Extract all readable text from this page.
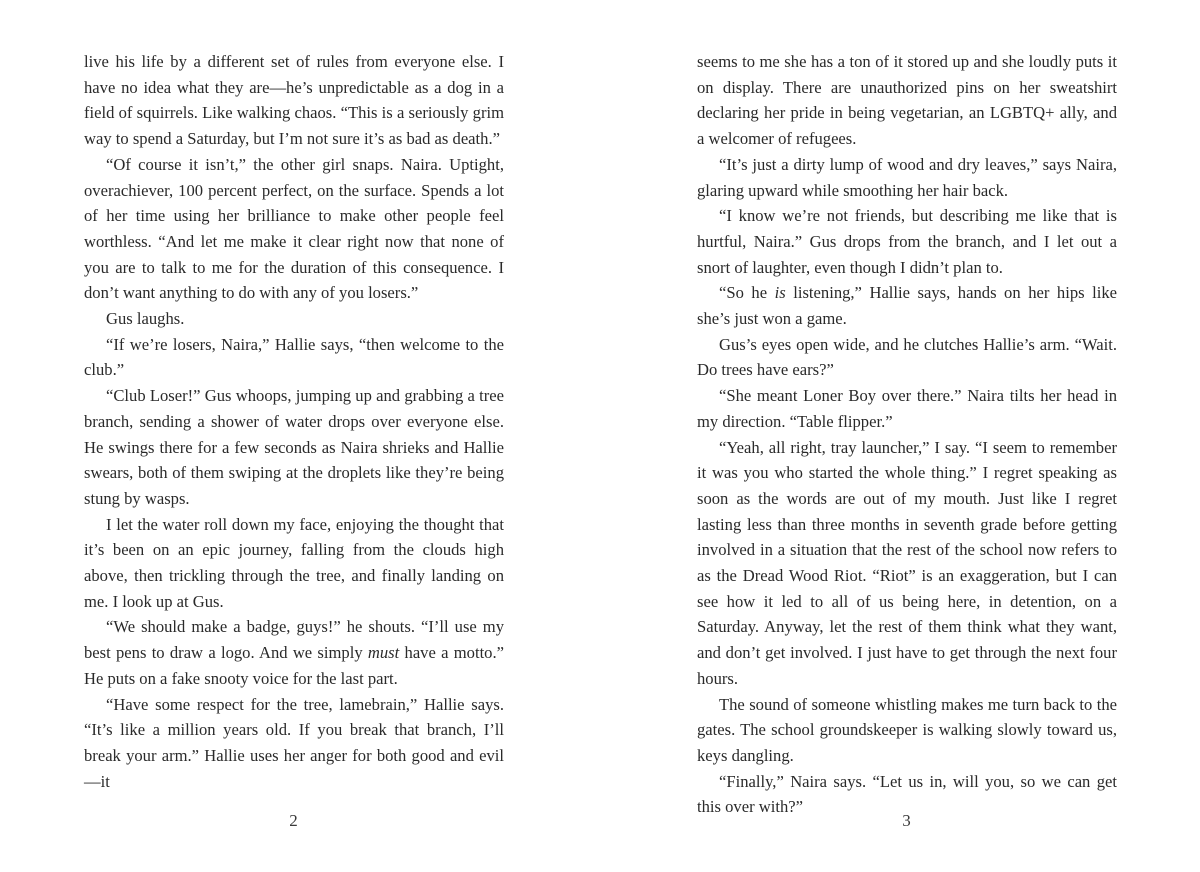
live his life by a different set of rules from everyone else. I have no idea what they are—he’s unpredictable as a dog in a field of squirrels. Like walking chaos. “This is a seriously grim way to spend a Saturday, but I’m not sure it’s as bad as death.”

“Of course it isn’t,” the other girl snaps. Naira. Uptight, overachiever, 100 percent perfect, on the surface. Spends a lot of her time using her brilliance to make other people feel worthless. “And let me make it clear right now that none of you are to talk to me for the duration of this consequence. I don’t want anything to do with any of you losers.”

Gus laughs.

“If we’re losers, Naira,” Hallie says, “then welcome to the club.”

“Club Loser!” Gus whoops, jumping up and grabbing a tree branch, sending a shower of water drops over everyone else. He swings there for a few seconds as Naira shrieks and Hallie swears, both of them swiping at the droplets like they’re being stung by wasps.

I let the water roll down my face, enjoying the thought that it’s been on an epic journey, falling from the clouds high above, then trickling through the tree, and finally landing on me. I look up at Gus.

“We should make a badge, guys!” he shouts. “I’ll use my best pens to draw a logo. And we simply must have a motto.” He puts on a fake snooty voice for the last part.

“Have some respect for the tree, lamebrain,” Hallie says. “It’s like a million years old. If you break that branch, I’ll break your arm.” Hallie uses her anger for both good and evil—it

2

seems to me she has a ton of it stored up and she loudly puts it on display. There are unauthorized pins on her sweatshirt declaring her pride in being vegetarian, an LGBTQ+ ally, and a welcomer of refugees.

“It’s just a dirty lump of wood and dry leaves,” says Naira, glaring upward while smoothing her hair back.

“I know we’re not friends, but describing me like that is hurtful, Naira.” Gus drops from the branch, and I let out a snort of laughter, even though I didn’t plan to.

“So he is listening,” Hallie says, hands on her hips like she’s just won a game.

Gus’s eyes open wide, and he clutches Hallie’s arm. “Wait. Do trees have ears?”

“She meant Loner Boy over there.” Naira tilts her head in my direction. “Table flipper.”

“Yeah, all right, tray launcher,” I say. “I seem to remember it was you who started the whole thing.” I regret speaking as soon as the words are out of my mouth. Just like I regret lasting less than three months in seventh grade before getting involved in a situation that the rest of the school now refers to as the Dread Wood Riot. “Riot” is an exaggeration, but I can see how it led to all of us being here, in detention, on a Saturday. Anyway, let the rest of them think what they want, and don’t get involved. I just have to get through the next four hours.

The sound of someone whistling makes me turn back to the gates. The school groundskeeper is walking slowly toward us, keys dangling.

“Finally,” Naira says. “Let us in, will you, so we can get this over with?”

3
